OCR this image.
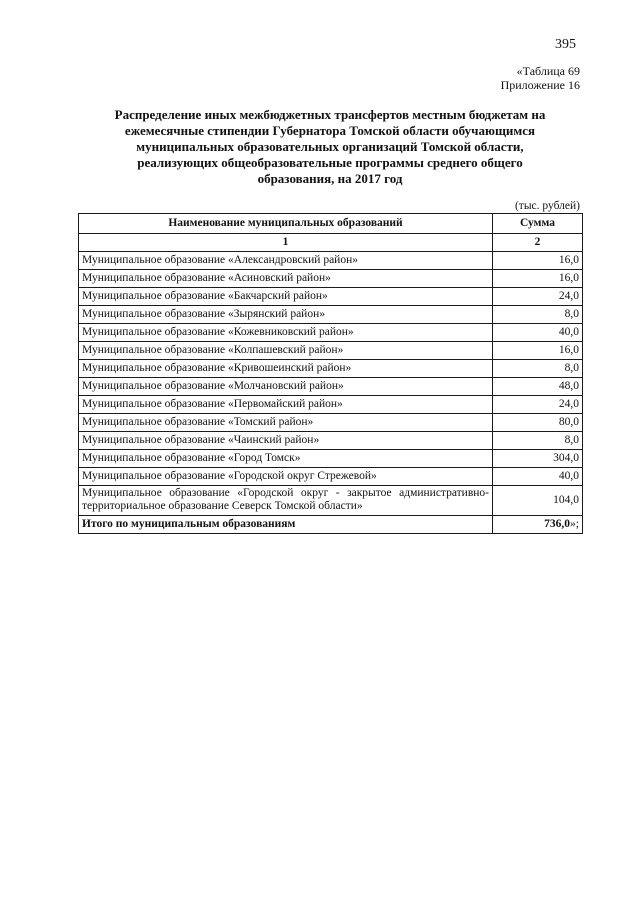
395
«Таблица 69
Приложение 16
Распределение иных межбюджетных трансфертов местным бюджетам на
ежемесячные стипендии Губернатора Томской области обучающимся
муниципальных образовательных организаций Томской области,
реализующих общеобразовательные программы среднего общего
образования, на 2017 год
(тыс. рублей)
Наименование муниципальных образований	Сумма
1	2
Муниципальное образование «Александровский район»	16,0
Муниципальное образование «Асиновский район»	16,0
Муниципальное образование «Бакчарский район»	24,0
Муниципальное образование «Зырянский район»	8,0
Муниципальное образование «Кожевниковский район»	40,0
Муниципальное образование «Колпашевский район»	16,0
Муниципальное образование «Кривошеинский район»	8,0
Муниципальное образование «Молчановский район»	48,0
Муниципальное образование «Первомайский район»	24,0
Муниципальное образование «Томский район»	80,0
Муниципальное образование «Чаинский район»	8,0
Муниципальное образование «Город Томск»	304,0
Муниципальное образование «Городской округ Стрежевой»	40,0
Муниципальное образование «Городской округ - закрытое административно-территориальное образование Северск Томской области»	104,0
Итого по муниципальным образованиям	736,0»;
